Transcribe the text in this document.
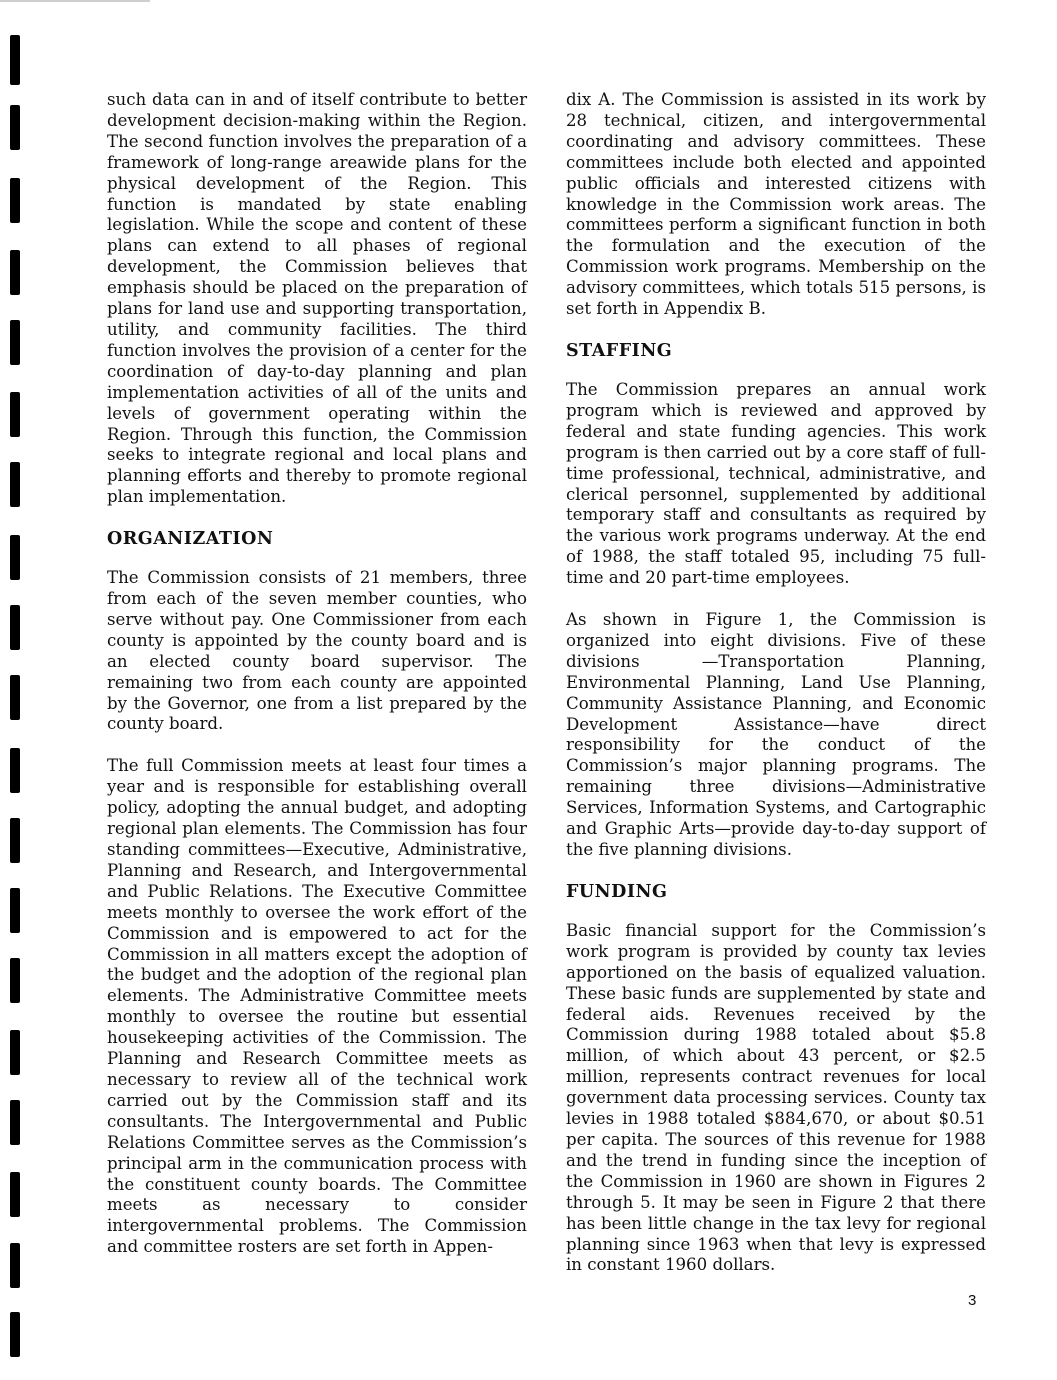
such data can in and of itself contribute to better development decision-making within the Region. The second function involves the preparation of a framework of long-range areawide plans for the physical development of the Region. This function is mandated by state enabling legislation. While the scope and content of these plans can extend to all phases of regional development, the Commission believes that emphasis should be placed on the preparation of plans for land use and supporting transportation, utility, and community facilities. The third function involves the provision of a center for the coordination of day-to-day planning and plan implementation activities of all of the units and levels of government operating within the Region. Through this function, the Commission seeks to integrate regional and local plans and planning efforts and thereby to promote regional plan implementation.

ORGANIZATION

The Commission consists of 21 members, three from each of the seven member counties, who serve without pay. One Commissioner from each county is appointed by the county board and is an elected county board supervisor. The remaining two from each county are appointed by the Governor, one from a list prepared by the county board.

The full Commission meets at least four times a year and is responsible for establishing overall policy, adopting the annual budget, and adopting regional plan elements. The Commission has four standing committees—Executive, Administrative, Planning and Research, and Intergovernmental and Public Relations. The Executive Committee meets monthly to oversee the work effort of the Commission and is empowered to act for the Commission in all matters except the adoption of the budget and the adoption of the regional plan elements. The Administrative Committee meets monthly to oversee the routine but essential housekeeping activities of the Commission. The Planning and Research Committee meets as necessary to review all of the technical work carried out by the Commission staff and its consultants. The Intergovernmental and Public Relations Committee serves as the Commission’s principal arm in the communication process with the constituent county boards. The Committee meets as necessary to consider intergovernmental problems. The Commission and committee rosters are set forth in Appen-

dix A. The Commission is assisted in its work by 28 technical, citizen, and intergovernmental coordinating and advisory committees. These committees include both elected and appointed public officials and interested citizens with knowledge in the Commission work areas. The committees perform a significant function in both the formulation and the execution of the Commission work programs. Membership on the advisory committees, which totals 515 persons, is set forth in Appendix B.

STAFFING

The Commission prepares an annual work program which is reviewed and approved by federal and state funding agencies. This work program is then carried out by a core staff of full-time professional, technical, administrative, and clerical personnel, supplemented by additional temporary staff and consultants as required by the various work programs underway. At the end of 1988, the staff totaled 95, including 75 full-time and 20 part-time employees.

As shown in Figure 1, the Commission is organized into eight divisions. Five of these divisions —Transportation Planning, Environmental Planning, Land Use Planning, Community Assistance Planning, and Economic Development Assistance—have direct responsibility for the conduct of the Commission’s major planning programs. The remaining three divisions—Administrative Services, Information Systems, and Cartographic and Graphic Arts—provide day-to-day support of the five planning divisions.

FUNDING

Basic financial support for the Commission’s work program is provided by county tax levies apportioned on the basis of equalized valuation. These basic funds are supplemented by state and federal aids. Revenues received by the Commission during 1988 totaled about $5.8 million, of which about 43 percent, or $2.5 million, represents contract revenues for local government data processing services. County tax levies in 1988 totaled $884,670, or about $0.51 per capita. The sources of this revenue for 1988 and the trend in funding since the inception of the Commission in 1960 are shown in Figures 2 through 5. It may be seen in Figure 2 that there has been little change in the tax levy for regional planning since 1963 when that levy is expressed in constant 1960 dollars.

3
